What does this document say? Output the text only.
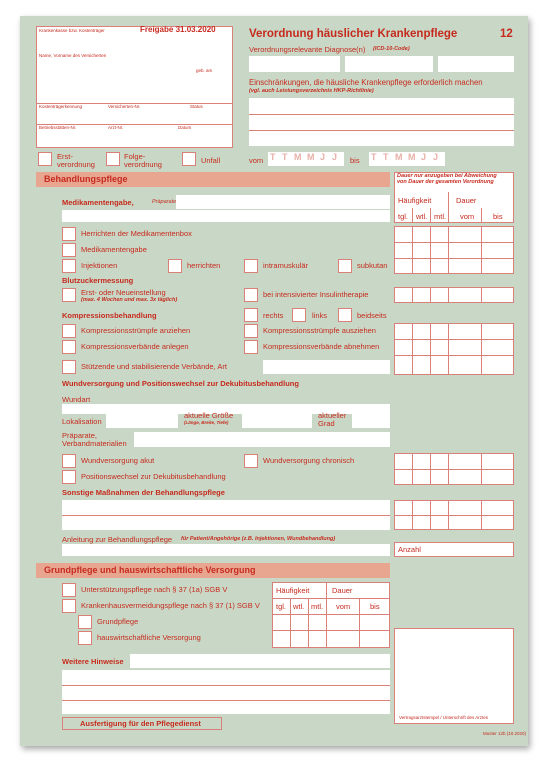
Krankenkasse bzw. Kostenträger	Freigabe 31.03.2020
Name, Vorname des Versicherten
geb. am
Kostenträgerkennung	Versicherten-Nr.	Status
Betriebsstätten-Nr.	Arzt-Nr.	Datum
Verordnung häuslicher Krankenpflege	12
Verordnungsrelevante Diagnose(n) (ICD-10-Code)
Einschränkungen, die häusliche Krankenpflege erforderlich machen
(vgl. auch Leistungsverzeichnis HKP-Richtlinie)
Erst-
verordnung
Folge-
verordnung	Unfall	vom T T M M J J bis T T M M J J
Behandlungspflege	Dauer nur anzugeben bei Abweichung
von Dauer der gesamten Verordnung
Häufigkeit	Dauer
tgl. wtl. mtl. vom	bis
Medikamentengabe,	Präparate
Herrichten der Medikamentenbox
Medikamentengabe
Injektionen	herrichten	intramuskulär	subkutan
Blutzuckermessung
Erst- oder Neueinstellung
(max. 4 Wochen und max. 3x täglich)
bei intensivierter Insulintherapie
Kompressionsbehandlung	rechts	links	beidseits
Kompressionsstrümpfe anziehen	Kompressionsstrümpfe ausziehen
Kompressionsverbände anlegen	Kompressionsverbände abnehmen
Stützende und stabilisierende Verbände, Art
Wundversorgung und Positionswechsel zur Dekubitusbehandlung
Wundart
Lokalisation
aktuelle Größe
(Länge, Breite, Tiefe)
aktueller
Grad
Präparate,
Verbandmaterialien
Wundversorgung akut	Wundversorgung chronisch
Positionswechsel zur Dekubitusbehandlung
Sonstige Maßnahmen der Behandlungspflege
Anleitung zur Behandlungspflege für Patient/Angehörige (z.B. Injektionen, Wundbehandlung)
Anzahl
Grundpflege und hauswirtschaftliche Versorgung
Unterstützungspflege nach § 37 (1a) SGB V
Krankenhausvermeidungspflege nach § 37 (1) SGB V
Grundpflege
hauswirtschaftliche Versorgung
Häufigkeit	Dauer
tgl. wtl. mtl. vom	bis
Vertragsarztstempel / Unterschrift des Arztes
Weitere Hinweise
Ausfertigung für den Pflegedienst
Muster 12b (10.2020)
